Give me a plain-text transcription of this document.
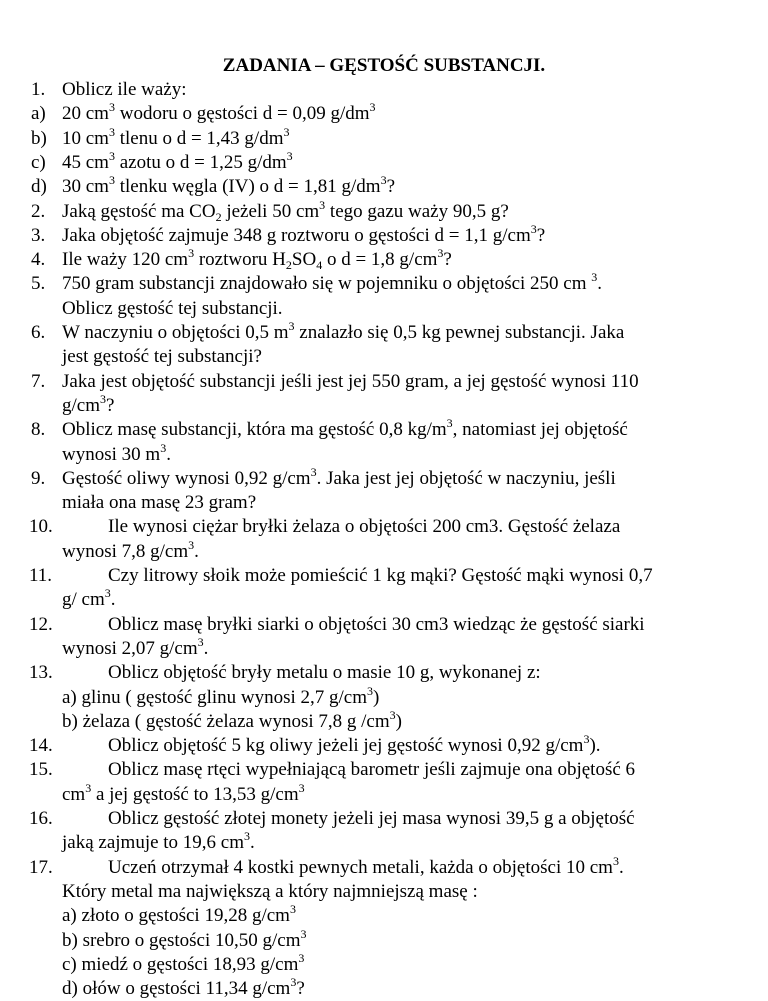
ZADANIA – GĘSTOŚĆ SUBSTANCJI.
1. Oblicz ile waży:
a) 20 $cm^3$ wodoru o gęstości d = 0,09 $g/dm^3$
b) 10 $cm^3$ tlenu o d = 1,43 $g/dm^3$
c) 45 $cm^3$ azotu o d = 1,25 $g/dm^3$
d) 30 $cm^3$ tlenku węgla (IV) o d = 1,81 $g/dm^3$?
2. Jaką gęstość ma $CO_2$ jeżeli 50 $cm^3$ tego gazu waży 90,5 g?
3. Jaka objętość zajmuje 348 g roztworu o gęstości d = 1,1 $g/cm^3$?
4. Ile waży 120 $cm^3$ roztworu $H_2SO_4$ o d = 1,8 $g/cm^3$?
5. 750 gram substancji znajdowało się w pojemniku o objętości 250 cm $^3$.
Oblicz gęstość tej substancji.
6. W naczyniu o objętości 0,5 $m^3$ znalazło się 0,5 kg pewnej substancji. Jaka
jest gęstość tej substancji?
7. Jaka jest objętość substancji jeśli jest jej 550 gram, a jej gęstość wynosi 110
$g/cm^3$?
8. Oblicz masę substancji, która ma gęstość 0,8 $kg/m^3$, natomiast jej objętość
wynosi 30 $m^3$.
9. Gęstość oliwy wynosi 0,92 $g/cm^3$. Jaka jest jej objętość w naczyniu, jeśli
miała ona masę 23 gram?
10.	Ile wynosi ciężar bryłki żelaza o objętości 200 cm3. Gęstość żelaza
wynosi 7,8 $g/cm^3$.
11.	Czy litrowy słoik może pomieścić 1 kg mąki? Gęstość mąki wynosi 0,7
g/ $cm^3$.
12.	Oblicz masę bryłki siarki o objętości 30 cm3 wiedząc że gęstość siarki
wynosi 2,07 $g/cm^3$.
13.	Oblicz objętość bryły metalu o masie 10 g, wykonanej z:
a) glinu ( gęstość glinu wynosi 2,7 $g/cm^3$)
b) żelaza ( gęstość żelaza wynosi 7,8 g $/cm^3$)
14.	Oblicz objętość 5 kg oliwy jeżeli jej gęstość wynosi 0,92 $g/cm^3$).
15.	Oblicz masę rtęci wypełniającą barometr jeśli zajmuje ona objętość 6
$cm^3$ a jej gęstość to 13,53 $g/cm^3$
16.	Oblicz gęstość złotej monety jeżeli jej masa wynosi 39,5 g a objętość
jaką zajmuje to 19,6 $cm^3$.
17.	Uczeń otrzymał 4 kostki pewnych metali, każda o objętości 10 $cm^3$.
Który metal ma największą a który najmniejszą masę :
a) złoto o gęstości 19,28 $g/cm^3$
b) srebro o gęstości 10,50 $g/cm^3$
c) miedź o gęstości 18,93 $g/cm^3$
d) ołów o gęstości 11,34 $g/cm^3$?
